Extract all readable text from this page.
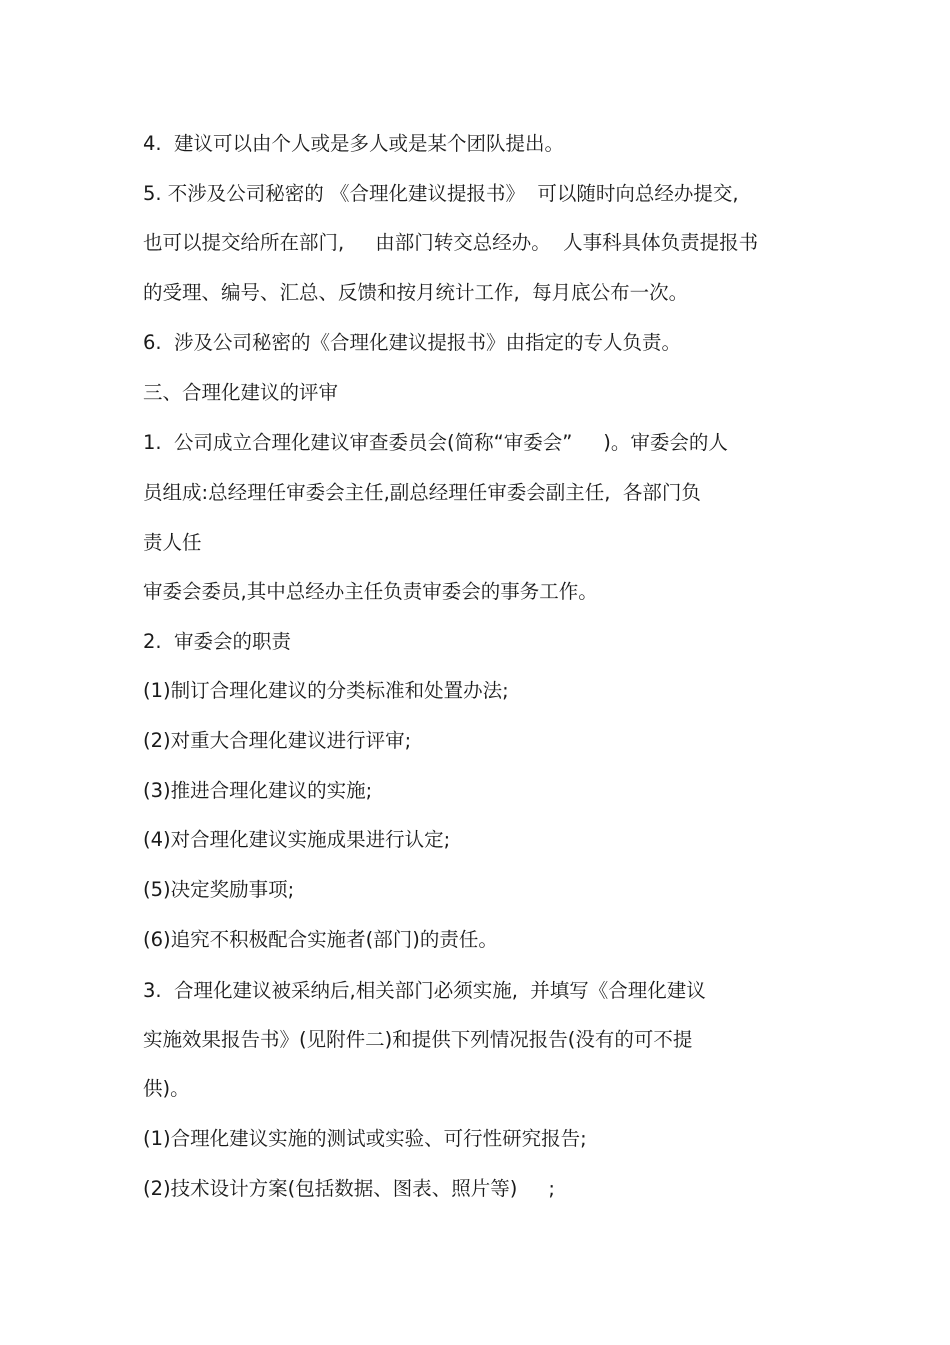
4.  建议可以由个人或是多人或是某个团队提出。

5. 不涉及公司秘密的 《合理化建议提报书》  可以随时向总经办提交,

也可以提交给所在部门,     由部门转交总经办。  人事科具体负责提报书

的受理、编号、汇总、反馈和按月统计工作,  每月底公布一次。

6.  涉及公司秘密的《合理化建议提报书》由指定的专人负责。

三、合理化建议的评审

1.  公司成立合理化建议审查委员会(简称“审委会”     )。审委会的人

员组成:总经理任审委会主任,副总经理任审委会副主任,  各部门负

责人任

审委会委员,其中总经办主任负责审委会的事务工作。

2.  审委会的职责

(1)制订合理化建议的分类标准和处置办法;

(2)对重大合理化建议进行评审;

(3)推进合理化建议的实施;

(4)对合理化建议实施成果进行认定;

(5)决定奖励事项;

(6)追究不积极配合实施者(部门)的责任。

3.  合理化建议被采纳后,相关部门必须实施,  并填写《合理化建议

实施效果报告书》(见附件二)和提供下列情况报告(没有的可不提

供)。

(1)合理化建议实施的测试或实验、可行性研究报告;

(2)技术设计方案(包括数据、图表、照片等)     ;
